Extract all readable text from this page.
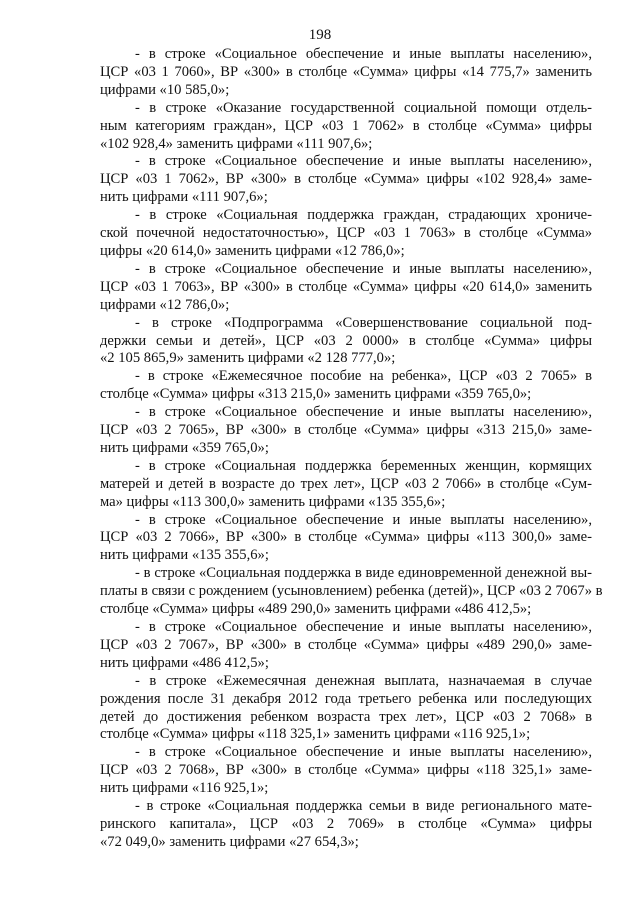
198
- в строке «Социальное обеспечение и иные выплаты населению»,
ЦСР «03 1 7060», ВР «300» в столбце «Сумма» цифры «14 775,7» заменить
цифрами «10 585,0»;
- в строке «Оказание государственной социальной помощи отдель-
ным категориям граждан», ЦСР «03 1 7062» в столбце «Сумма» цифры
«102 928,4» заменить цифрами «111 907,6»;
- в строке «Социальное обеспечение и иные выплаты населению»,
ЦСР «03 1 7062», ВР «300» в столбце «Сумма» цифры «102 928,4» заме-
нить цифрами «111 907,6»;
- в строке «Социальная поддержка граждан, страдающих хрониче-
ской почечной недостаточностью», ЦСР «03 1 7063» в столбце «Сумма»
цифры «20 614,0» заменить цифрами «12 786,0»;
- в строке «Социальное обеспечение и иные выплаты населению»,
ЦСР «03 1 7063», ВР «300» в столбце «Сумма» цифры «20 614,0» заменить
цифрами «12 786,0»;
- в строке «Подпрограмма «Совершенствование социальной под-
держки семьи и детей», ЦСР «03 2 0000» в столбце «Сумма» цифры
«2 105 865,9» заменить цифрами «2 128 777,0»;
- в строке «Ежемесячное пособие на ребенка», ЦСР «03 2 7065» в
столбце «Сумма» цифры «313 215,0» заменить цифрами «359 765,0»;
- в строке «Социальное обеспечение и иные выплаты населению»,
ЦСР «03 2 7065», ВР «300» в столбце «Сумма» цифры «313 215,0» заме-
нить цифрами «359 765,0»;
- в строке «Социальная поддержка беременных женщин, кормящих
матерей и детей в возрасте до трех лет», ЦСР «03 2 7066» в столбце «Сум-
ма» цифры «113 300,0» заменить цифрами «135 355,6»;
- в строке «Социальное обеспечение и иные выплаты населению»,
ЦСР «03 2 7066», ВР «300» в столбце «Сумма» цифры «113 300,0» заме-
нить цифрами «135 355,6»;
- в строке «Социальная поддержка в виде единовременной денежной вы-
платы в связи с рождением (усыновлением) ребенка (детей)», ЦСР «03 2 7067» в
столбце «Сумма» цифры «489 290,0» заменить цифрами «486 412,5»;
- в строке «Социальное обеспечение и иные выплаты населению»,
ЦСР «03 2 7067», ВР «300» в столбце «Сумма» цифры «489 290,0» заме-
нить цифрами «486 412,5»;
- в строке «Ежемесячная денежная выплата, назначаемая в случае
рождения после 31 декабря 2012 года третьего ребенка или последующих
детей до достижения ребенком возраста трех лет», ЦСР «03 2 7068» в
столбце «Сумма» цифры «118 325,1» заменить цифрами «116 925,1»;
- в строке «Социальное обеспечение и иные выплаты населению»,
ЦСР «03 2 7068», ВР «300» в столбце «Сумма» цифры «118 325,1» заме-
нить цифрами «116 925,1»;
- в строке «Социальная поддержка семьи в виде регионального мате-
ринского капитала», ЦСР «03 2 7069» в столбце «Сумма» цифры
«72 049,0» заменить цифрами «27 654,3»;
